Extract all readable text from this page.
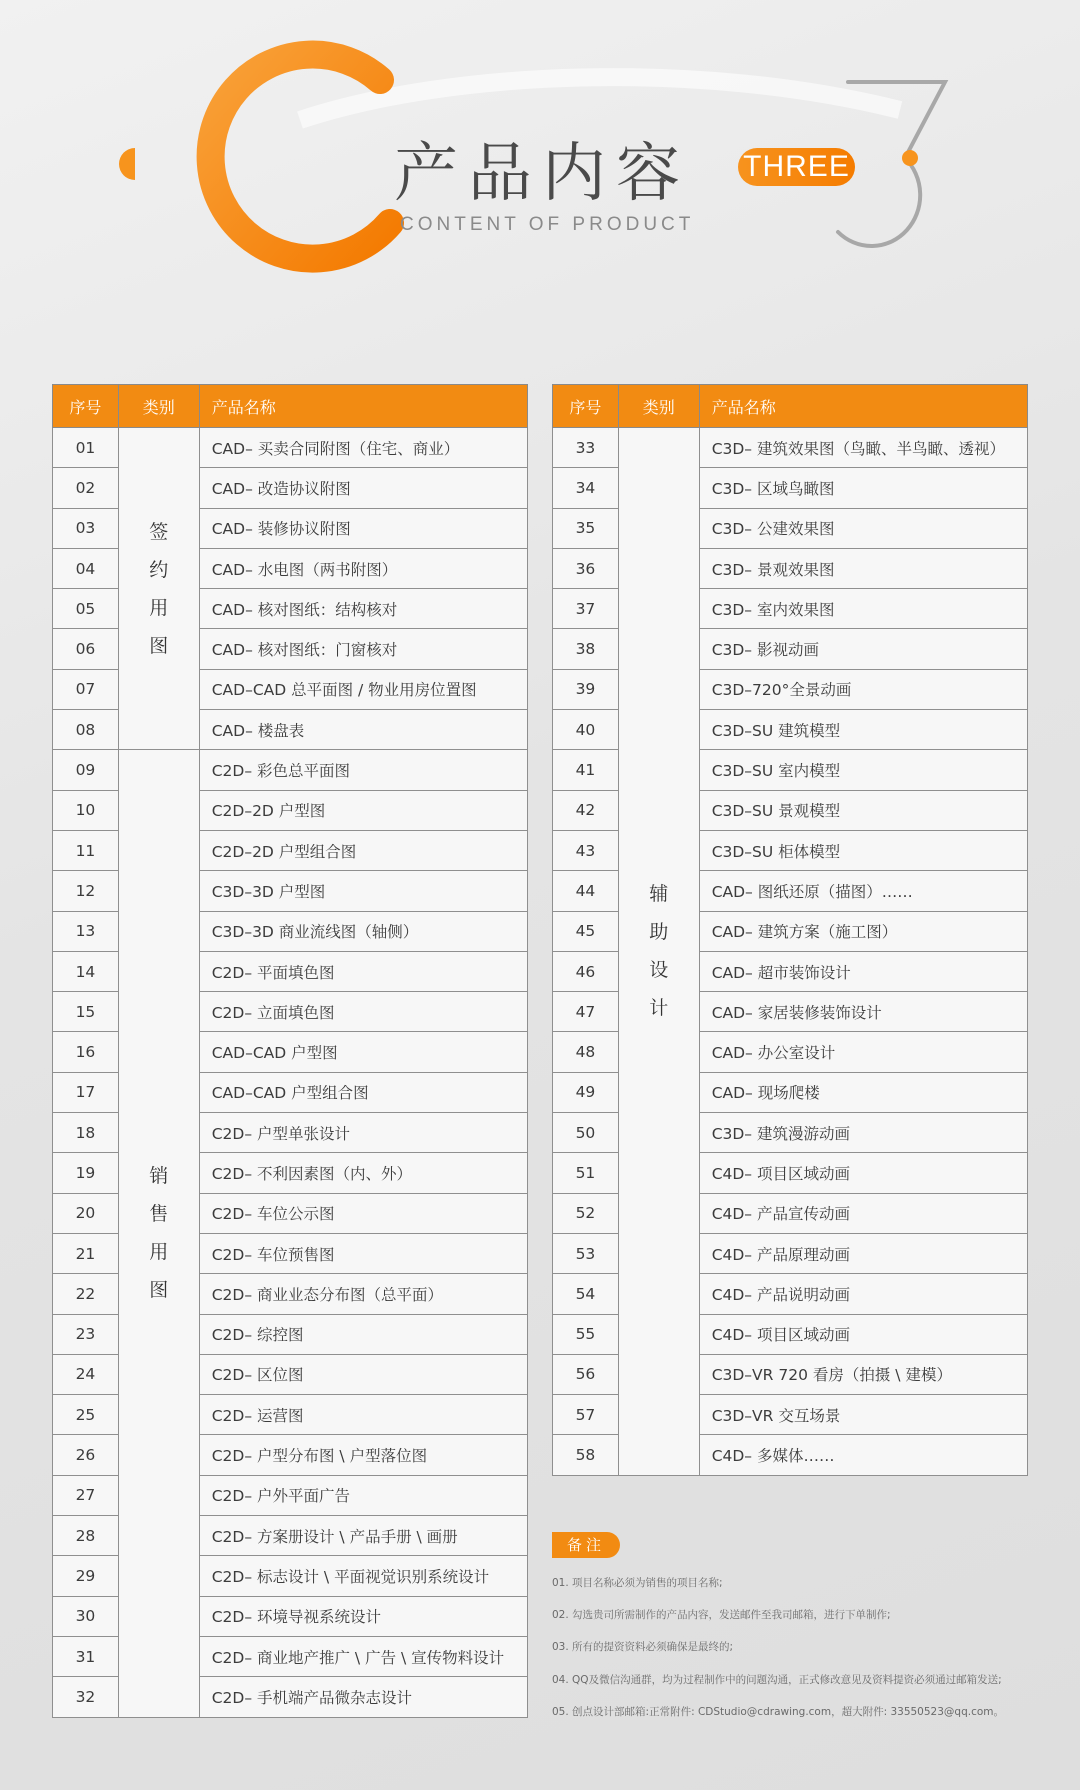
产品内容
CONTENT OF PRODUCT
THREE
序号	类别	产品名称
01	签约用图	CAD– 买卖合同附图（住宅、商业）
02		CAD– 改造协议附图
03		CAD– 装修协议附图
04		CAD– 水电图（两书附图）
05		CAD– 核对图纸：结构核对
06		CAD– 核对图纸：门窗核对
07		CAD–CAD 总平面图 / 物业用房位置图
08		CAD– 楼盘表
09	销售用图	C2D– 彩色总平面图
10		C2D–2D 户型图
11		C2D–2D 户型组合图
12		C3D–3D 户型图
13		C3D–3D 商业流线图（轴侧）
14		C2D– 平面填色图
15		C2D– 立面填色图
16		CAD–CAD 户型图
17		CAD–CAD 户型组合图
18		C2D– 户型单张设计
19		C2D– 不利因素图（内、外）
20		C2D– 车位公示图
21		C2D– 车位预售图
22		C2D– 商业业态分布图（总平面）
23		C2D– 综控图
24		C2D– 区位图
25		C2D– 运营图
26		C2D– 户型分布图 \ 户型落位图
27		C2D– 户外平面广告
28		C2D– 方案册设计 \ 产品手册 \ 画册
29		C2D– 标志设计 \ 平面视觉识别系统设计
30		C2D– 环境导视系统设计
31		C2D– 商业地产推广 \ 广告 \ 宣传物料设计
32		C2D– 手机端产品微杂志设计
序号	类别	产品名称
33	辅助设计	C3D– 建筑效果图（鸟瞰、半鸟瞰、透视）
34		C3D– 区域鸟瞰图
35		C3D– 公建效果图
36		C3D– 景观效果图
37		C3D– 室内效果图
38		C3D– 影视动画
39		C3D–720°全景动画
40		C3D–SU 建筑模型
41		C3D–SU 室内模型
42		C3D–SU 景观模型
43		C3D–SU 柜体模型
44		CAD– 图纸还原（描图）……
45		CAD– 建筑方案（施工图）
46		CAD– 超市装饰设计
47		CAD– 家居装修装饰设计
48		CAD– 办公室设计
49		CAD– 现场爬楼
50		C3D– 建筑漫游动画
51		C4D– 项目区域动画
52		C4D– 产品宣传动画
53		C4D– 产品原理动画
54		C4D– 产品说明动画
55		C4D– 项目区域动画
56		C3D–VR 720 看房（拍摄 \ 建模）
57		C3D–VR 交互场景
58		C4D– 多媒体……
备注
01. 项目名称必须为销售的项目名称;
02. 勾选贵司所需制作的产品内容，发送邮件至我司邮箱，进行下单制作;
03. 所有的提资资料必须确保是最终的;
04. QQ及微信沟通群，均为过程制作中的问题沟通，正式修改意见及资料提资必须通过邮箱发送;
05. 创点设计部邮箱:正常附件: CDStudio@cdrawing.com，超大附件: 33550523@qq.com。
